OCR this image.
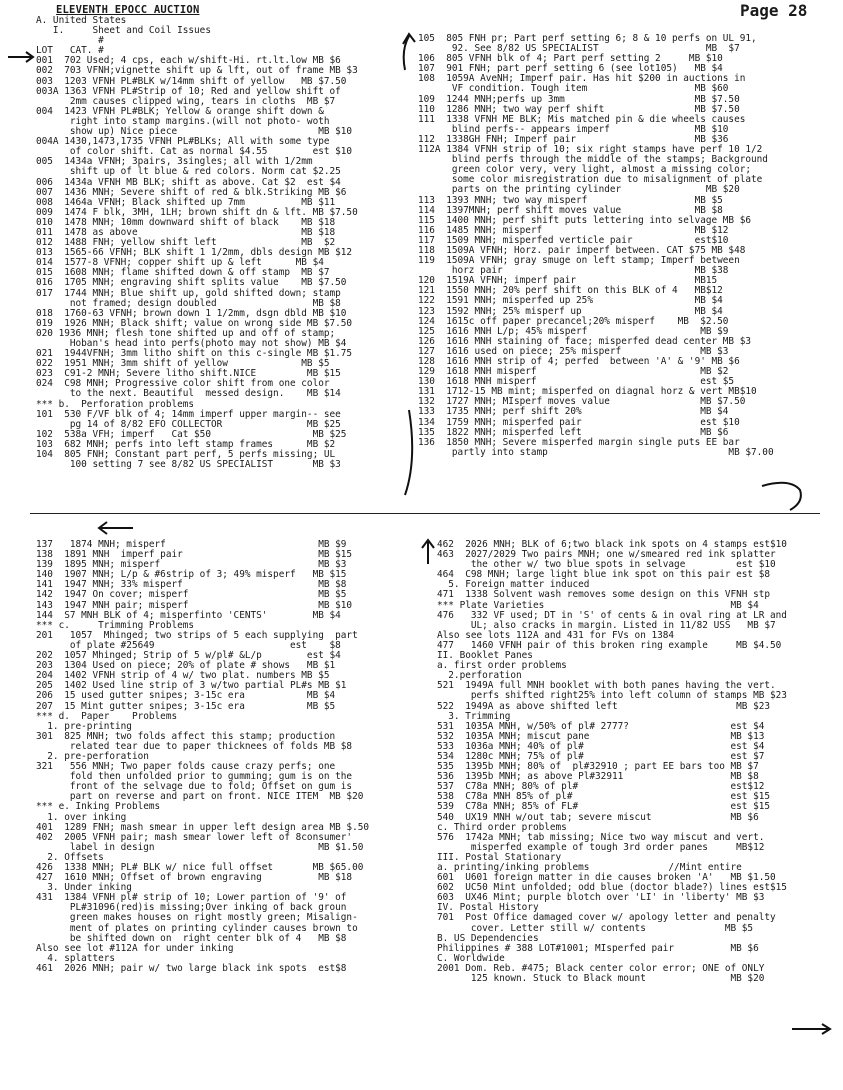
ELEVENTH EPOCC AUCTION	Page 28
A. United States
I.     Sheet and Coil Issues
#
LOT   CAT. #
001  702 Used; 4 cps, each w/shift-Hi. rt.lt.low MB $6
002  703 VFNH;vignette shift up & lft, out of frame MB $3
003  1203 VFNH PL#BLK w/14mm shift of yellow   MB $7.50
003A 1363 VFNH PL#Strip of 10; Red and yellow shift of
2mm causes clipped wing, tears in cloths  MB $7
004  1423 VFNH PL#BLK; Yellow & orange shift down &
right into stamp margins.(will not photo- woth
show up) Nice piece                         MB $10
004A 1430,1473,1735 VFNH PL#BLKs; All with some type
of color shift. Cat as normal $4.55        est $10
005  1434a VFNH; 3pairs, 3singles; all with 1/2mm
shift up of lt blue & red colors. Norm cat $2.25
006  1434a VFNH MB BLK; shift as above. Cat $2  est $4
007  1436 MNH; Severe shift of red & blk.Striking MB $6
008  1464a VFNH; Black shifted up 7mm          MB $11
009  1474 F blk, 3MH, 1LH; brown shift dn & lft. MB $7.50
010  1478 MNH; 10mm downward shift of black    MB $18
011  1478 as above                             MB $18
012  1488 FNH; yellow shift left               MB  $2
013  1565-66 VFNH; BLK shift 1 1/2mm, dbls design MB $12
014  1577-8 VFNH; copper shift up & left      MB $4
015  1608 MNH; flame shifted down & off stamp  MB $7
016  1705 MNH; engraving shift splits value    MB $7.50
017  1744 MNH; Blue shift up, gold shifted down; stamp
not framed; design doubled                 MB $8
018  1760-63 VFNH; brown down 1 1/2mm, dsgn dbld MB $10
019  1926 MNH; Black shift; value on wrong side MB $7.50
020 1936 MNH; flesh tone shifted up and off of stamp;
Hoban's head into perfs(photo may not show) MB $4
021  1944VFNH; 3mm litho shift on this c-single MB $1.75
022  1951 MNH; 3mm shift of yellow             MB $5
023  C91-2 MNH; Severe litho shift.NICE         MB $15
024  C98 MNH; Progressive color shift from one color
to the next. Beautiful  messed design.    MB $14
*** b.  Perforation problems
101  530 F/VF blk of 4; 14mm imperf upper margin-- see
pg 14 of 8/82 EFO COLLECTOR               MB $25
102  538a VFH; imperf   Cat $50                  MB $25
103  682 MNH; perfs into left stamp frames      MB $2
104  805 FNH; Constant part perf, 5 perfs missing; UL
100 setting 7 see 8/82 US SPECIALIST       MB $3
105  805 FNH pr; Part perf setting 6; 8 & 10 perfs on UL 91,
92. See 8/82 US SPECIALIST                   MB  $7
106  805 VFNH blk of 4; Part perf setting 2     MB $10
107  901 FNH; part perf setting 6 (see lot105)   MB $4
108  1059A AveNH; Imperf pair. Has hit $200 in auctions in
VF condition. Tough item                   MB $60
109  1244 MNH;perfs up 3mm                       MB $7.50
110  1286 MNH; two way perf shift                MB $7.50
111  1338 VFNH ME BLK; Mis matched pin & die wheels causes
blind perfs-- appears imperf               MB $10
112  1338GH FNH; Imperf pair                     MB $36
112A 1384 VFNH strip of 10; six right stamps have perf 10 1/2
blind perfs through the middle of the stamps; Background
green color very, very light, almost a missing color;
some color misregistration due to misalignment of plate
parts on the printing cylinder               MB $20
113  1393 MNH; two way misperf                   MB $5
114  1397MNH; perf shift moves value             MB $8
115  1400 MNH; perf shift puts lettering into selvage MB $6
116  1485 MNH; misperf                           MB $12
117  1509 MNH; misperfed verticle pair           est$10
118  1509A VFNH; Horz. pair imperf between. CAT $75 MB $48
119  1509A VFNH; gray smuge on left stamp; Imperf between
horz pair                                  MB $38
120  1519A VFNH; imperf pair                     MB15
121  1550 MNH; 20% perf shift on this BLK of 4   MB$12
122  1591 MNH; misperfed up 25%                  MB $4
123  1592 MNH; 25% misperf up                    MB $4
124  1615c off paper precancel;20% misperf    MB  $2.50
125  1616 MNH L/p; 45% misperf                    MB $9
126  1616 MNH staining of face; misperfed dead center MB $3
127  1616 used on piece; 25% misperf              MB $3
128  1616 MNH strip of 4; perfed  between 'A' & '9' MB $6
129  1618 MNH misperf                             MB $2
130  1618 MNH misperf                             est $5
131  1712-15 MB mint; misperfed on diagnal horz & vert MB$10
132  1727 MNH; MIsperf moves value                MB $7.50
133  1735 MNH; perf shift 20%                     MB $4
134  1759 MNH; misperfed pair                     est $10
135  1822 MNH; misperfed left                     MB $6
136  1850 MNH; Severe misperfed margin single puts EE bar
partly into stamp                                MB $7.00
137   1874 MNH; misperf                           MB $9
138  1891 MNH  imperf pair                        MB $15
139  1895 MNH; misperf                            MB $3
140  1907 MNH; L/p & #6strip of 3; 49% misperf   MB $15
141  1947 MNH; 33% misperf                        MB $8
142  1947 On cover; misperf                       MB $5
143  1947 MNH pair; misperf                       MB $10
144  S7 MNH BLK of 4; misperfinto 'CENTS'        MB $4
*** c.     Trimming Problems
201   1057  Mhinged; two strips of 5 each supplying  part
of plate #25649                        est    $8
202  1057 Mhinged; Strip of 5 w/pl# &L/p        est $4
203  1304 Used on piece; 20% of plate # shows   MB $1
204  1402 VFNH strip of 4 w/ two plat. numbers MB $5
205  1402 Used line strip of 3 w/two partial PL#s MB $1
206  15 used gutter snipes; 3-15c era           MB $4
207  15 Mint gutter snipes; 3-15c era           MB $5
*** d.  Paper    Problems
1. pre-printing
301  825 MNH; two folds affect this stamp; production
related tear due to paper thicknees of folds MB $8
2. pre-perforation
321   556 MNH; Two paper folds cause crazy perfs; one
fold then unfolded prior to gumming; gum is on the
front of the selvage due to fold; Offset on gum is
part on reverse and part on front. NICE ITEM  MB $20
*** e. Inking Problems
1. over inking
401  1289 FNH; mash smear in upper left design area MB $.50
402  2005 VFNH pair; mash smear lower left of 8consumer'
label in design                             MB $1.50
2. Offsets
426  1338 MNH; PL# BLK w/ nice full offset       MB $65.00
427  1610 MNH; Offset of brown engraving          MB $18
3. Under inking
431  1384 VFNH pl# strip of 10; Lower partion of '9' of
PL#31096(red)is missing;Over inking of back groun
green makes houses on right mostly green; Misalign-
ment of plates on printing cylinder causes brown to
be shifted down on  right center blk of 4   MB $8
Also see lot #112A for under inking
4. splatters
461  2026 MNH; pair w/ two large black ink spots  est$8
462  2026 MNH; BLK of 6;two black ink spots on 4 stamps est$10
463  2027/2029 Two pairs MNH; one w/smeared red ink splatter
the other w/ two blue spots in selvage         est $10
464  C98 MNH; large light blue ink spot on this pair est $8
5. Foreign matter induced
471  1338 Solvent wash removes some design on this VFNH stp
*** Plate Varieties                                 MB $4
476   332 VF used; DT in 'S' of cents & in oval ring at LR and
UL; also cracks in margin. Listed in 11/82 USS   MB $7
Also see lots 112A and 431 for FVs on 1384
477   1460 VFNH pair of this broken ring example     MB $4.50
II. Booklet Panes
a. first order problems
2.perforation
521  1949A full MNH booklet with both panes having the vert.
perfs shifted right25% into left column of stamps MB $23
522  1949A as above shifted left                     MB $23
3. Trimming
531  1035A MNH, w/50% of pl# 2777?                  est $4
532  1035A MNH; miscut pane                         MB $13
533  1036a MNH; 40% of pl#                          est $4
534  1280c MNH; 75% of pl#                          est $7
535  1395b MNH; 80% of  pl#32910 ; part EE bars too MB $7
536  1395b MNH; as above Pl#32911                   MB $8
537  C78a MNH; 80% of pl#                           est$12
538  C78a MNH 85% of pl#                            est $15
539  C78a MNH; 85% of FL#                           est $15
540  UX19 MNH w/out tab; severe miscut              MB $6
c. Third order problems
576  1742a MNH; tab missing; Nice two way miscut and vert.
misperfed example of tough 3rd order panes     MB$12
III. Postal Stationary
a. printing/inking problems              //Mint entire
601  U601 foreign matter in die causes broken 'A'   MB $1.50
602  UC50 Mint unfolded; odd blue (doctor blade?) lines est$15
603  UX46 Mint; purple blotch over 'LI' in 'liberty' MB $3
IV. Postal History
701  Post Office damaged cover w/ apology letter and penalty
cover. Letter still w/ contents              MB $5
B. US Dependencies
Philippines # 388 LOT#1001; MIsperfed pair          MB $6
C. Worldwide
2001 Dom. Reb. #475; Black center color error; ONE of ONLY
125 known. Stuck to Black mount               MB $20
